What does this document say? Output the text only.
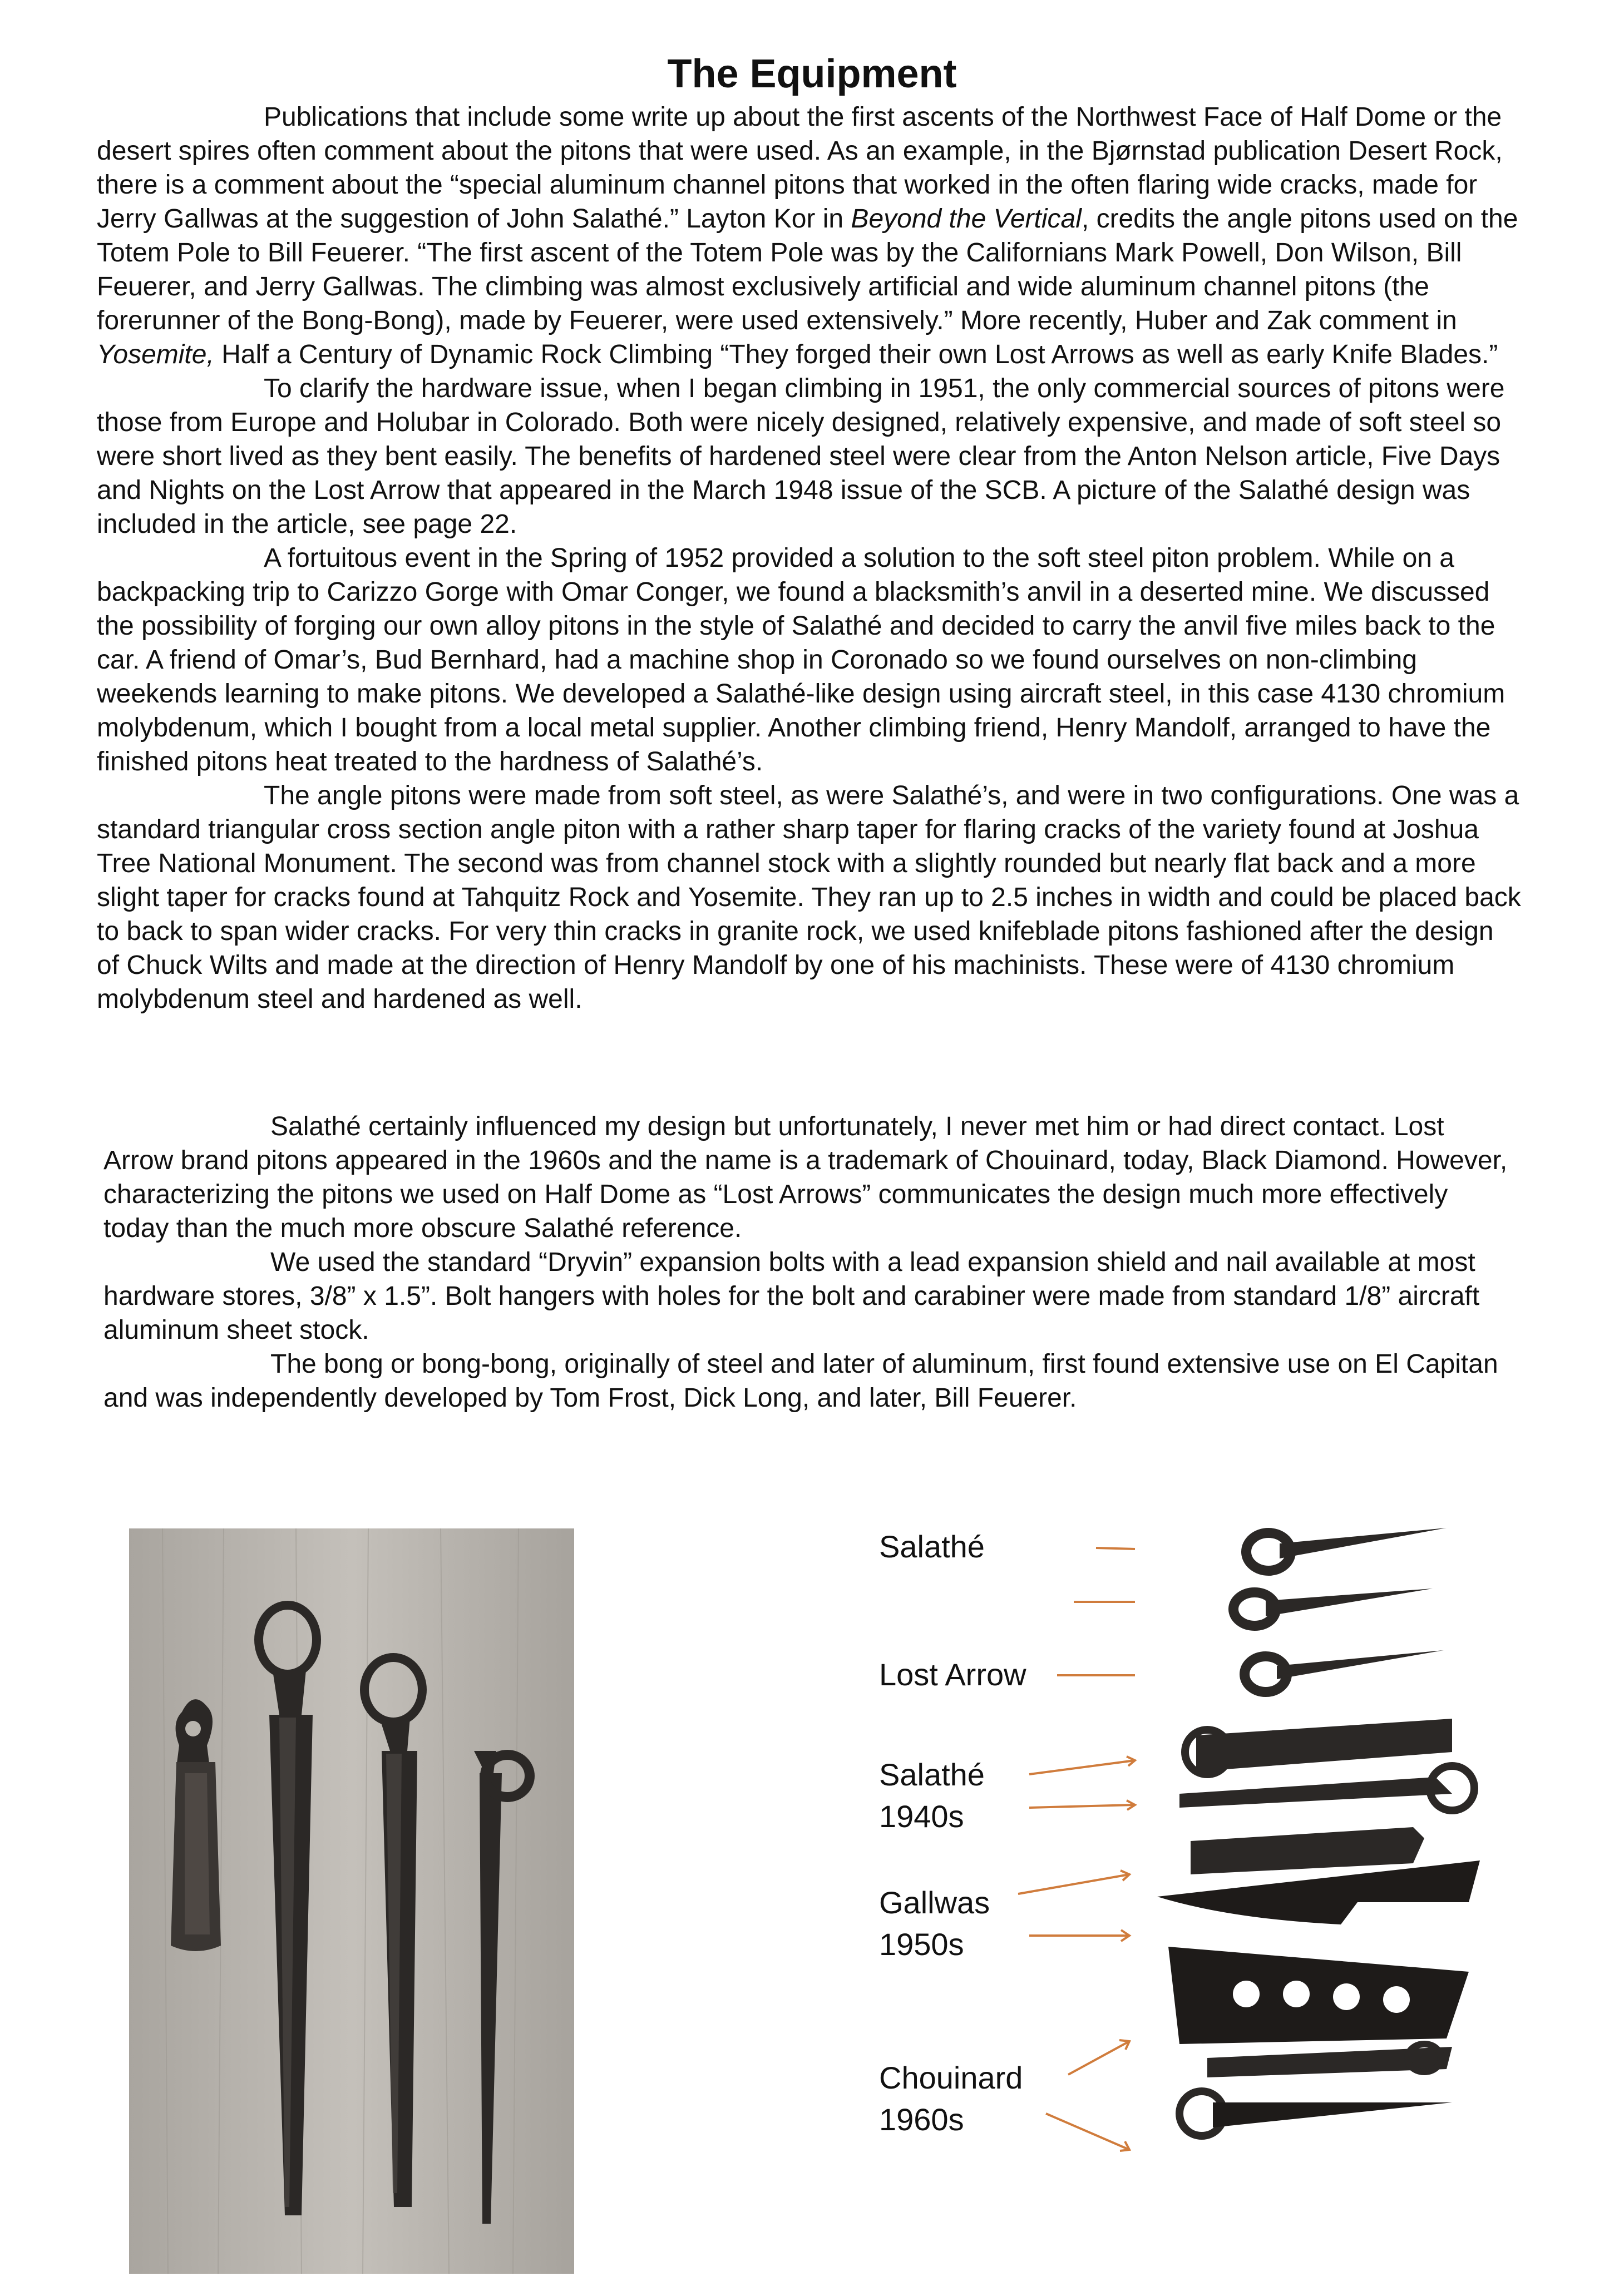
The Equipment

Publications that include some write up about the first ascents of the Northwest Face of Half Dome or the desert spires often comment about the pitons that were used. As an example, in the Bjørnstad publication Desert Rock, there is a comment about the “special aluminum channel pitons that worked in the often flaring wide cracks, made for Jerry Gallwas at the suggestion of John Salathé.” Layton Kor in Beyond the Vertical, credits the angle pitons used on the Totem Pole to Bill Feuerer. “The first ascent of the Totem Pole was by the Californians Mark Powell, Don Wilson, Bill Feuerer, and Jerry Gallwas. The climbing was almost exclusively artificial and wide aluminum channel pitons (the forerunner of the Bong-Bong), made by Feuerer, were used extensively.” More recently, Huber and Zak comment in Yosemite, Half a Century of Dynamic Rock Climbing “They forged their own Lost Arrows as well as early Knife Blades.”

To clarify the hardware issue, when I began climbing in 1951, the only commercial sources of pitons were those from Europe and Holubar in Colorado. Both were nicely designed, relatively expensive, and made of soft steel so were short lived as they bent easily. The benefits of hardened steel were clear from the Anton Nelson article, Five Days and Nights on the Lost Arrow that appeared in the March 1948 issue of the SCB. A picture of the Salathé design was included in the article, see page 22.

A fortuitous event in the Spring of 1952 provided a solution to the soft steel piton problem. While on a backpacking trip to Carizzo Gorge with Omar Conger, we found a blacksmith’s anvil in a deserted mine. We discussed the possibility of forging our own alloy pitons in the style of Salathé and decided to carry the anvil five miles back to the car. A friend of Omar’s, Bud Bernhard, had a machine shop in Coronado so we found ourselves on non-climbing weekends learning to make pitons. We developed a Salathé-like design using aircraft steel, in this case 4130 chromium molybdenum, which I bought from a local metal supplier. Another climbing friend, Henry Mandolf, arranged to have the finished pitons heat treated to the hardness of Salathé’s.

The angle pitons were made from soft steel, as were Salathé’s, and were in two configurations. One was a standard triangular cross section angle piton with a rather sharp taper for flaring cracks of the variety found at Joshua Tree National Monument. The second was from channel stock with a slightly rounded but nearly flat back and a more slight taper for cracks found at Tahquitz Rock and Yosemite. They ran up to 2.5 inches in width and could be placed back to back to span wider cracks. For very thin cracks in granite rock, we used knifeblade pitons fashioned after the design of Chuck Wilts and made at the direction of Henry Mandolf by one of his machinists. These were of 4130 chromium molybdenum steel and hardened as well.

Salathé certainly influenced my design but unfortunately, I never met him or had direct contact. Lost Arrow brand pitons appeared in the 1960s and the name is a trademark of Chouinard, today, Black Diamond. However, characterizing the pitons we used on Half Dome as “Lost Arrows” communicates the design much more effectively today than the much more obscure Salathé reference.

We used the standard “Dryvin” expansion bolts with a lead expansion shield and nail available at most hardware stores, 3/8” x 1.5”. Bolt hangers with holes for the bolt and carabiner were made from standard 1/8” aircraft aluminum sheet stock.

The bong or bong-bong, originally of steel and later of aluminum, first found extensive use on El Capitan and was independently developed by Tom Frost, Dick Long, and later, Bill Feuerer.

Salathé
Lost Arrow
Salathé
1940s
Gallwas
1950s
Chouinard
1960s
